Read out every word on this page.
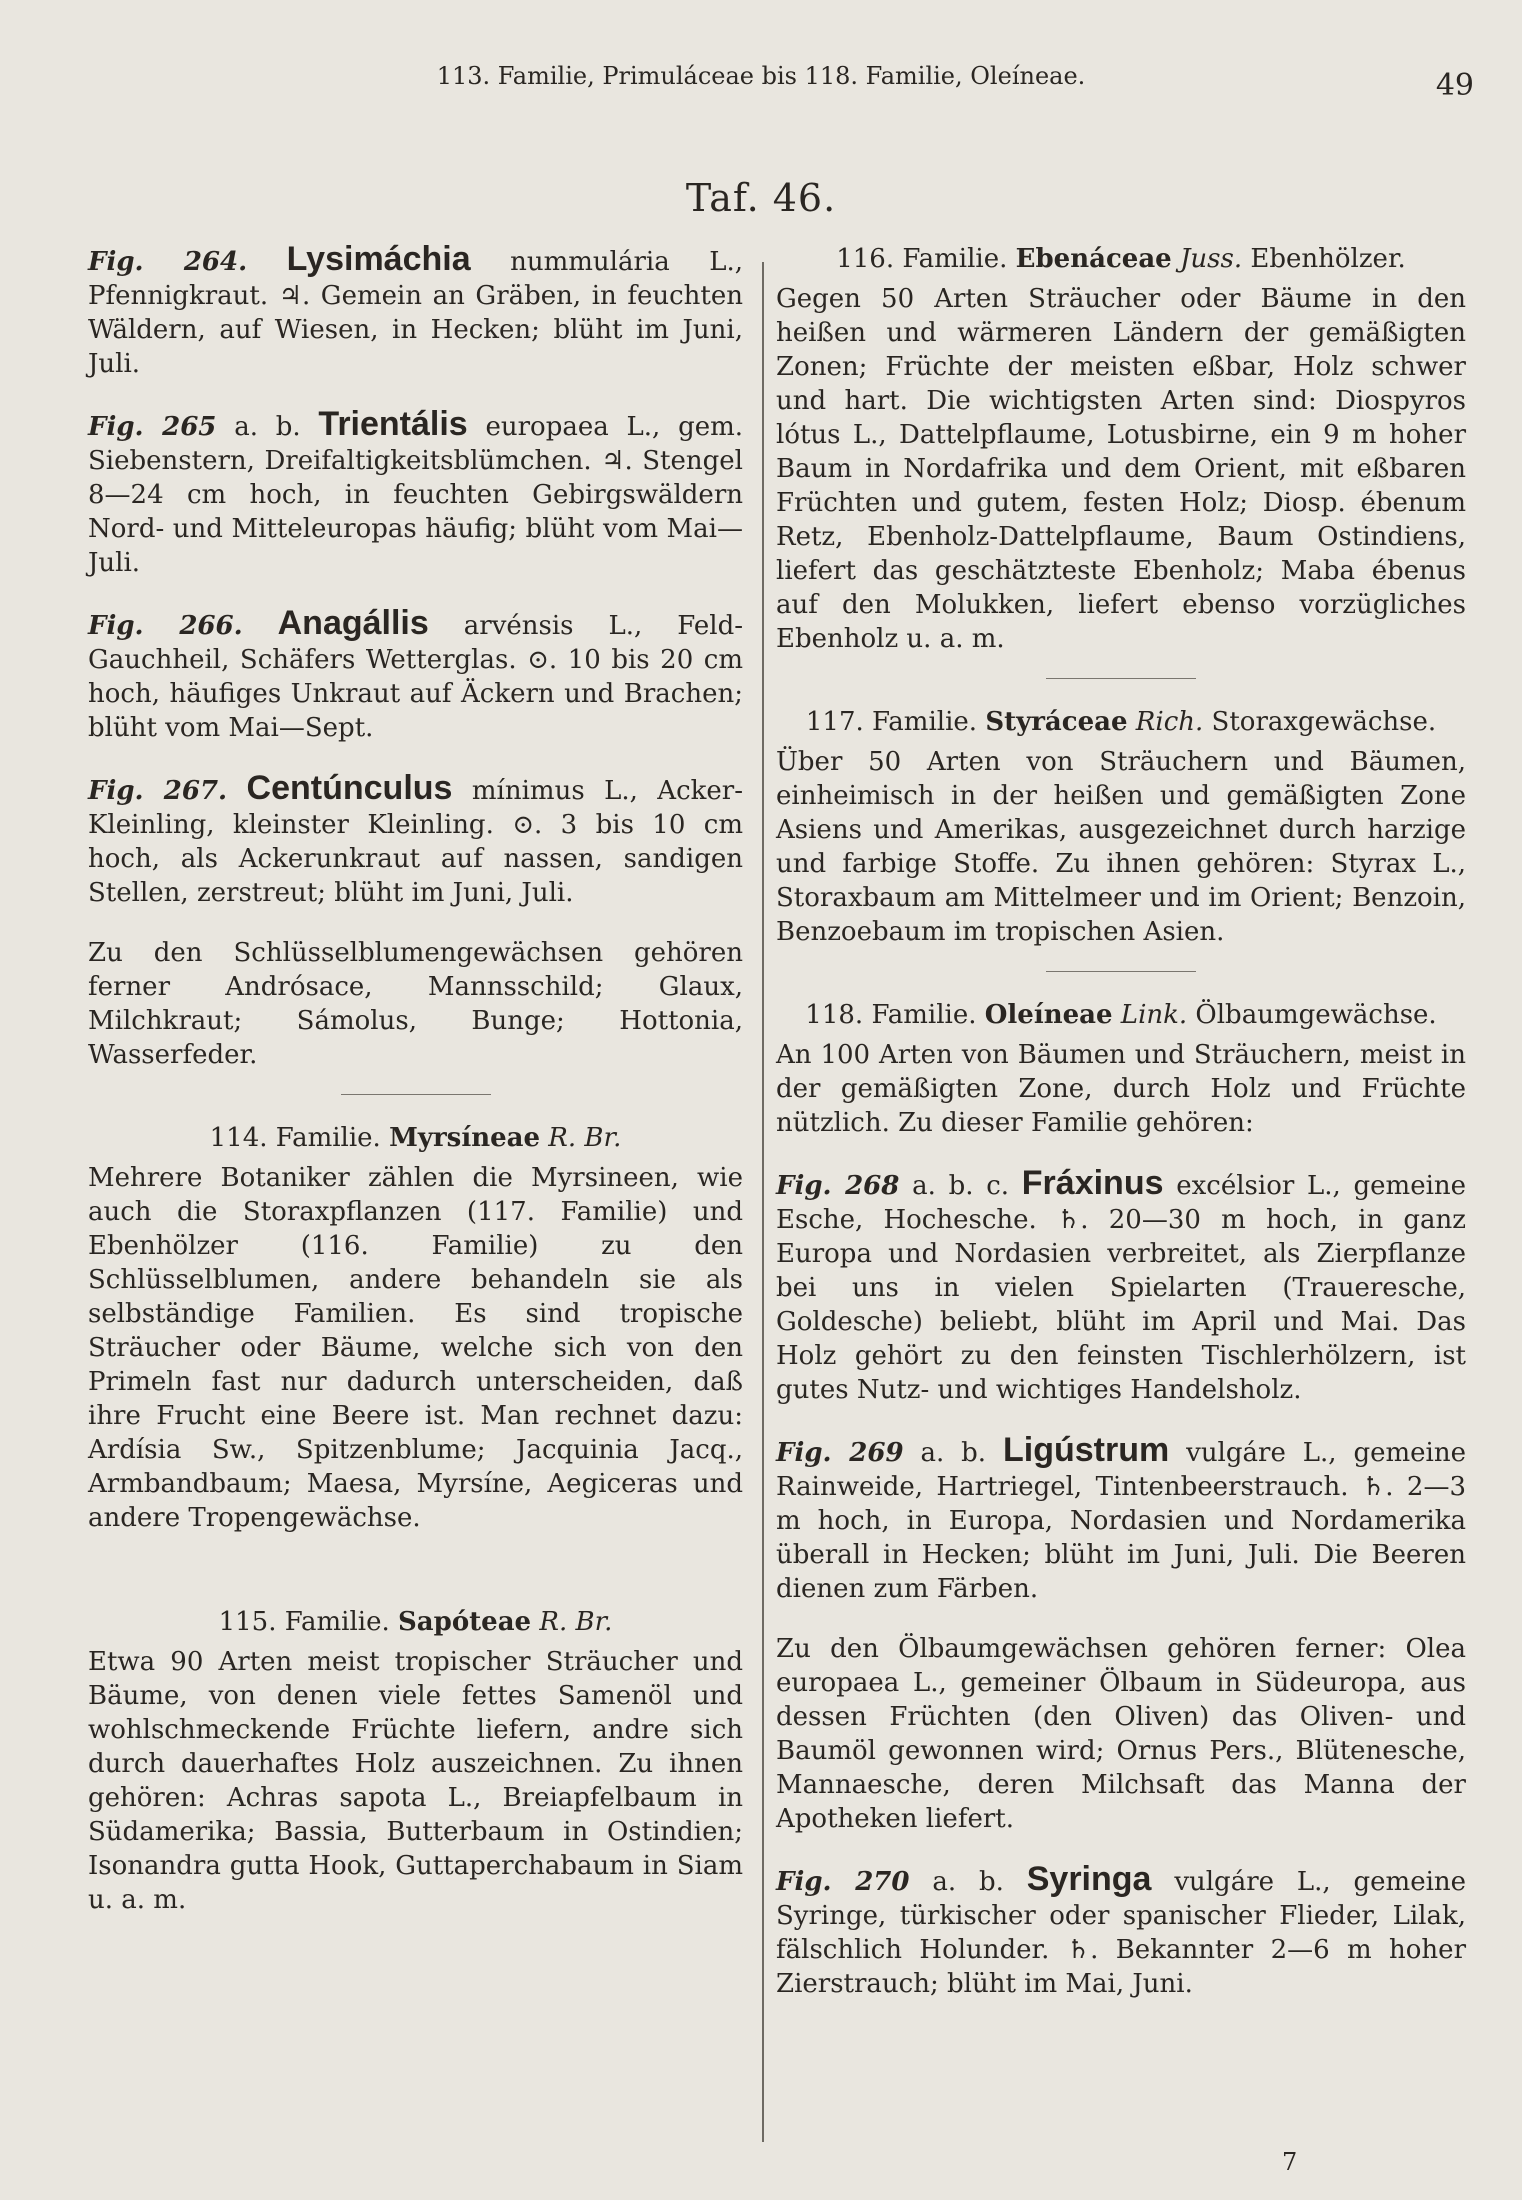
113. Familie, Primuláceae bis 118. Familie, Oleíneae.	49
Taf. 46.

Fig. 264. Lysimáchia nummulária L., Pfennigkraut. ♃. Gemein an Gräben, in feuchten Wäldern, auf Wiesen, in Hecken; blüht im Juni, Juli.

Fig. 265 a. b. Trientális europaea L., gem. Siebenstern, Dreifaltigkeitsblümchen. ♃. Stengel 8—24 cm hoch, in feuchten Gebirgswäldern Nord- und Mitteleuropas häufig; blüht vom Mai—Juli.

Fig. 266. Anagállis arvénsis L., Feld-Gauchheil, Schäfers Wetterglas. ⊙. 10 bis 20 cm hoch, häufiges Unkraut auf Äckern und Brachen; blüht vom Mai—Sept.

Fig. 267. Centúnculus mínimus L., Acker-Kleinling, kleinster Kleinling. ⊙. 3 bis 10 cm hoch, als Ackerunkraut auf nassen, sandigen Stellen, zerstreut; blüht im Juni, Juli.

Zu den Schlüsselblumengewächsen gehören ferner Andrósace, Mannsschild; Glaux, Milchkraut; Sámolus, Bunge; Hottonia, Wasserfeder.

114. Familie. Myrsíneae R. Br.

Mehrere Botaniker zählen die Myrsineen, wie auch die Storaxpflanzen (117. Familie) und Ebenhölzer (116. Familie) zu den Schlüsselblumen, andere behandeln sie als selbständige Familien. Es sind tropische Sträucher oder Bäume, welche sich von den Primeln fast nur dadurch unterscheiden, daß ihre Frucht eine Beere ist. Man rechnet dazu: Ardísia Sw., Spitzenblume; Jacquinia Jacq., Armbandbaum; Maesa, Myrsíne, Aegiceras und andere Tropengewächse.

115. Familie. Sapóteae R. Br.

Etwa 90 Arten meist tropischer Sträucher und Bäume, von denen viele fettes Samenöl und wohlschmeckende Früchte liefern, andre sich durch dauerhaftes Holz auszeichnen. Zu ihnen gehören: Achras sapota L., Breiapfelbaum in Südamerika; Bassia, Butterbaum in Ostindien; Isonandra gutta Hook, Guttaperchabaum in Siam u. a. m.

116. Familie. Ebenáceae Juss. Ebenhölzer.

Gegen 50 Arten Sträucher oder Bäume in den heißen und wärmeren Ländern der gemäßigten Zonen; Früchte der meisten eßbar, Holz schwer und hart. Die wichtigsten Arten sind: Diospyros lótus L., Dattelpflaume, Lotusbirne, ein 9 m hoher Baum in Nordafrika und dem Orient, mit eßbaren Früchten und gutem, festen Holz; Diosp. ébenum Retz, Ebenholz-Dattelpflaume, Baum Ostindiens, liefert das geschätzteste Ebenholz; Maba ébenus auf den Molukken, liefert ebenso vorzügliches Ebenholz u. a. m.

117. Familie. Styráceae Rich. Storaxgewächse.

Über 50 Arten von Sträuchern und Bäumen, einheimisch in der heißen und gemäßigten Zone Asiens und Amerikas, ausgezeichnet durch harzige und farbige Stoffe. Zu ihnen gehören: Styrax L., Storaxbaum am Mittelmeer und im Orient; Benzoin, Benzoebaum im tropischen Asien.

118. Familie. Oleíneae Link. Ölbaumgewächse.

An 100 Arten von Bäumen und Sträuchern, meist in der gemäßigten Zone, durch Holz und Früchte nützlich. Zu dieser Familie gehören:

Fig. 268 a. b. c. Fráxinus excélsior L., gemeine Esche, Hochesche. ♄. 20—30 m hoch, in ganz Europa und Nordasien verbreitet, als Zierpflanze bei uns in vielen Spielarten (Traueresche, Goldesche) beliebt, blüht im April und Mai. Das Holz gehört zu den feinsten Tischlerhölzern, ist gutes Nutz- und wichtiges Handelsholz.

Fig. 269 a. b. Ligústrum vulgáre L., gemeine Rainweide, Hartriegel, Tintenbeerstrauch. ♄. 2—3 m hoch, in Europa, Nordasien und Nordamerika überall in Hecken; blüht im Juni, Juli. Die Beeren dienen zum Färben.

Zu den Ölbaumgewächsen gehören ferner: Olea europaea L., gemeiner Ölbaum in Südeuropa, aus dessen Früchten (den Oliven) das Oliven- und Baumöl gewonnen wird; Ornus Pers., Blütenesche, Mannaesche, deren Milchsaft das Manna der Apotheken liefert.

Fig. 270 a. b. Syringa vulgáre L., gemeine Syringe, türkischer oder spanischer Flieder, Lilak, fälschlich Holunder. ♄. Bekannter 2—6 m hoher Zierstrauch; blüht im Mai, Juni.

7
